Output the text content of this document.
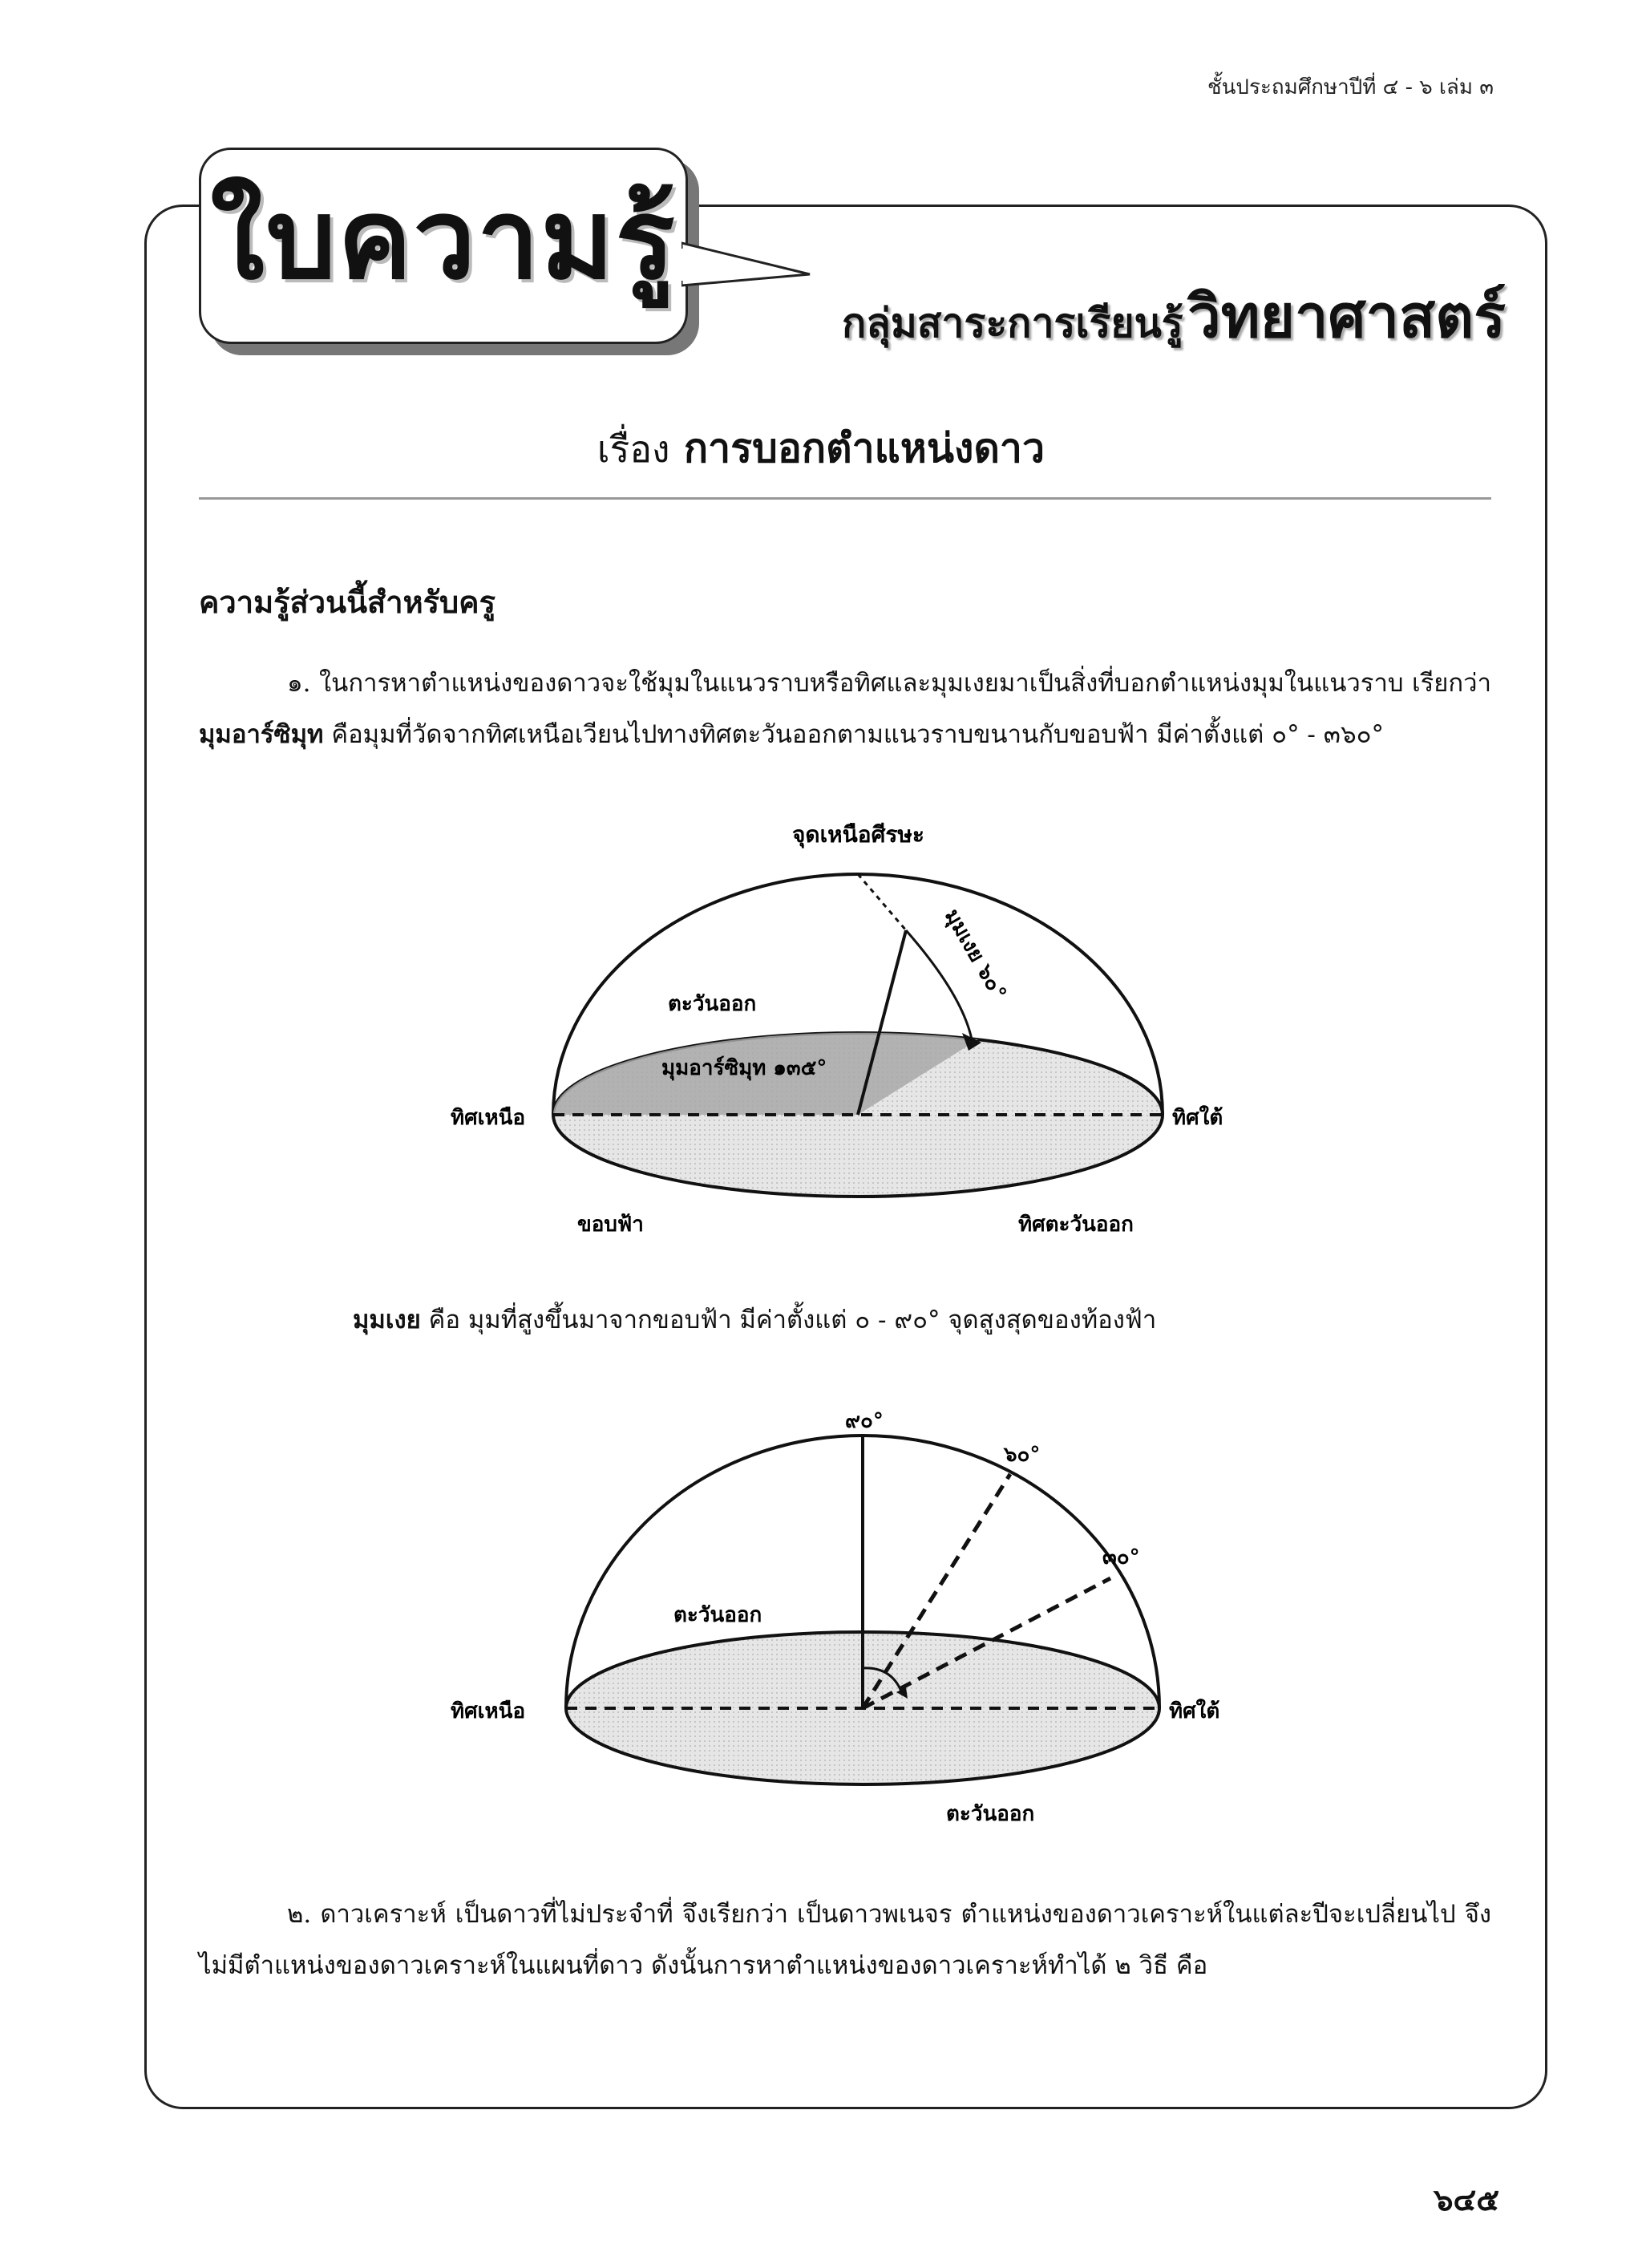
ชั้นประถมศึกษาปีที่ ๔ - ๖ เล่ม ๓
ใบความรู้
กลุ่มสาระการเรียนรู้ วิทยาศาสตร์
เรื่อง การบอกตำแหน่งดาว
ความรู้ส่วนนี้สำหรับครู
๑. ในการหาตำแหน่งของดาวจะใช้มุมในแนวราบหรือทิศและมุมเงยมาเป็นสิ่งที่บอกตำแหน่งมุมในแนวราบ เรียกว่า มุมอาร์ซิมุท คือมุมที่วัดจากทิศเหนือเวียนไปทางทิศตะวันออกตามแนวราบขนานกับขอบฟ้า มีค่าตั้งแต่ ๐° - ๓๖๐°
จุดเหนือศีรษะ
มุมเงย ๖๐°
ตะวันออก
มุมอาร์ซิมุท ๑๓๕°
ทิศเหนือ	ทิศใต้
ขอบฟ้า	ทิศตะวันออก
มุมเงย คือ มุมที่สูงขึ้นมาจากขอบฟ้า มีค่าตั้งแต่ ๐ - ๙๐° จุดสูงสุดของท้องฟ้า
๙๐°
๖๐°
๓๐°
ตะวันออก
ทิศเหนือ	ทิศใต้
ตะวันออก
๒. ดาวเคราะห์ เป็นดาวที่ไม่ประจำที่ จึงเรียกว่า เป็นดาวพเนจร ตำแหน่งของดาวเคราะห์ในแต่ละปีจะเปลี่ยนไป จึงไม่มีตำแหน่งของดาวเคราะห์ในแผนที่ดาว ดังนั้นการหาตำแหน่งของดาวเคราะห์ทำได้ ๒ วิธี คือ
๖๔๕
